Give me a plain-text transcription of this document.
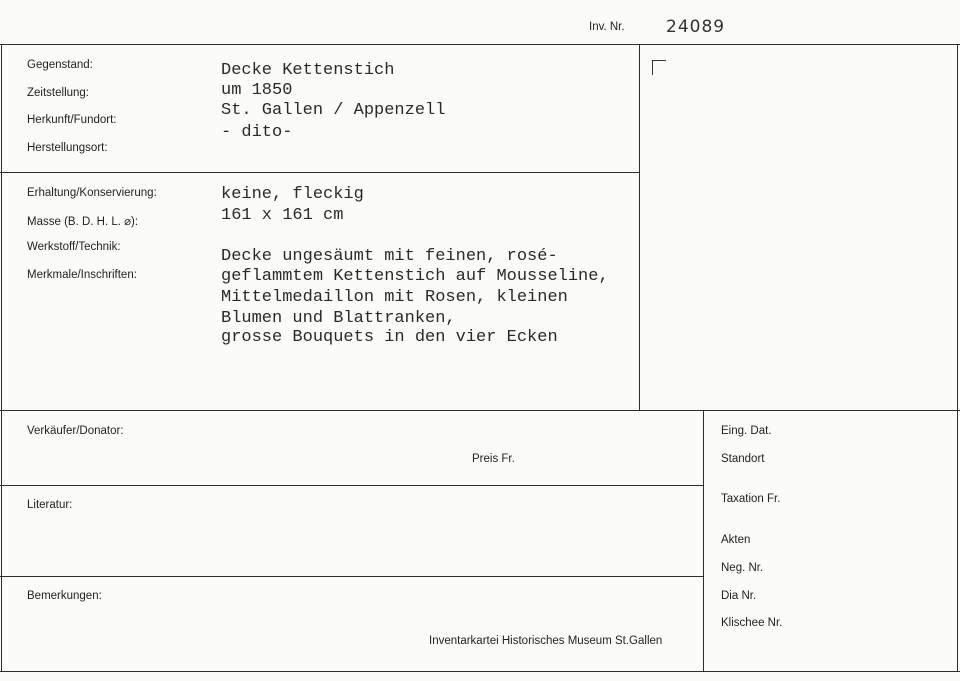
Inv. Nr. 24089
Gegenstand:
Zeitstellung:
Herkunft/Fundort:
Herstellungsort:
Decke Kettenstich
um 1850
St. Gallen / Appenzell
- dito-
Erhaltung/Konservierung:
Masse (B. D. H. L. ⌀):
Werkstoff/Technik:
Merkmale/Inschriften:
keine, fleckig
161 x 161 cm
Decke ungesäumt mit feinen, rosé-
geflammtem Kettenstich auf Mousseline,
Mittelmedaillon mit Rosen, kleinen
Blumen und Blattranken,
grosse Bouquets in den vier Ecken
Verkäufer/Donator:
Preis Fr.
Literatur:
Bemerkungen:
Inventarkartei Historisches Museum St.Gallen
Eing. Dat.
Standort
Taxation Fr.
Akten
Neg. Nr.
Dia Nr.
Klischee Nr.
